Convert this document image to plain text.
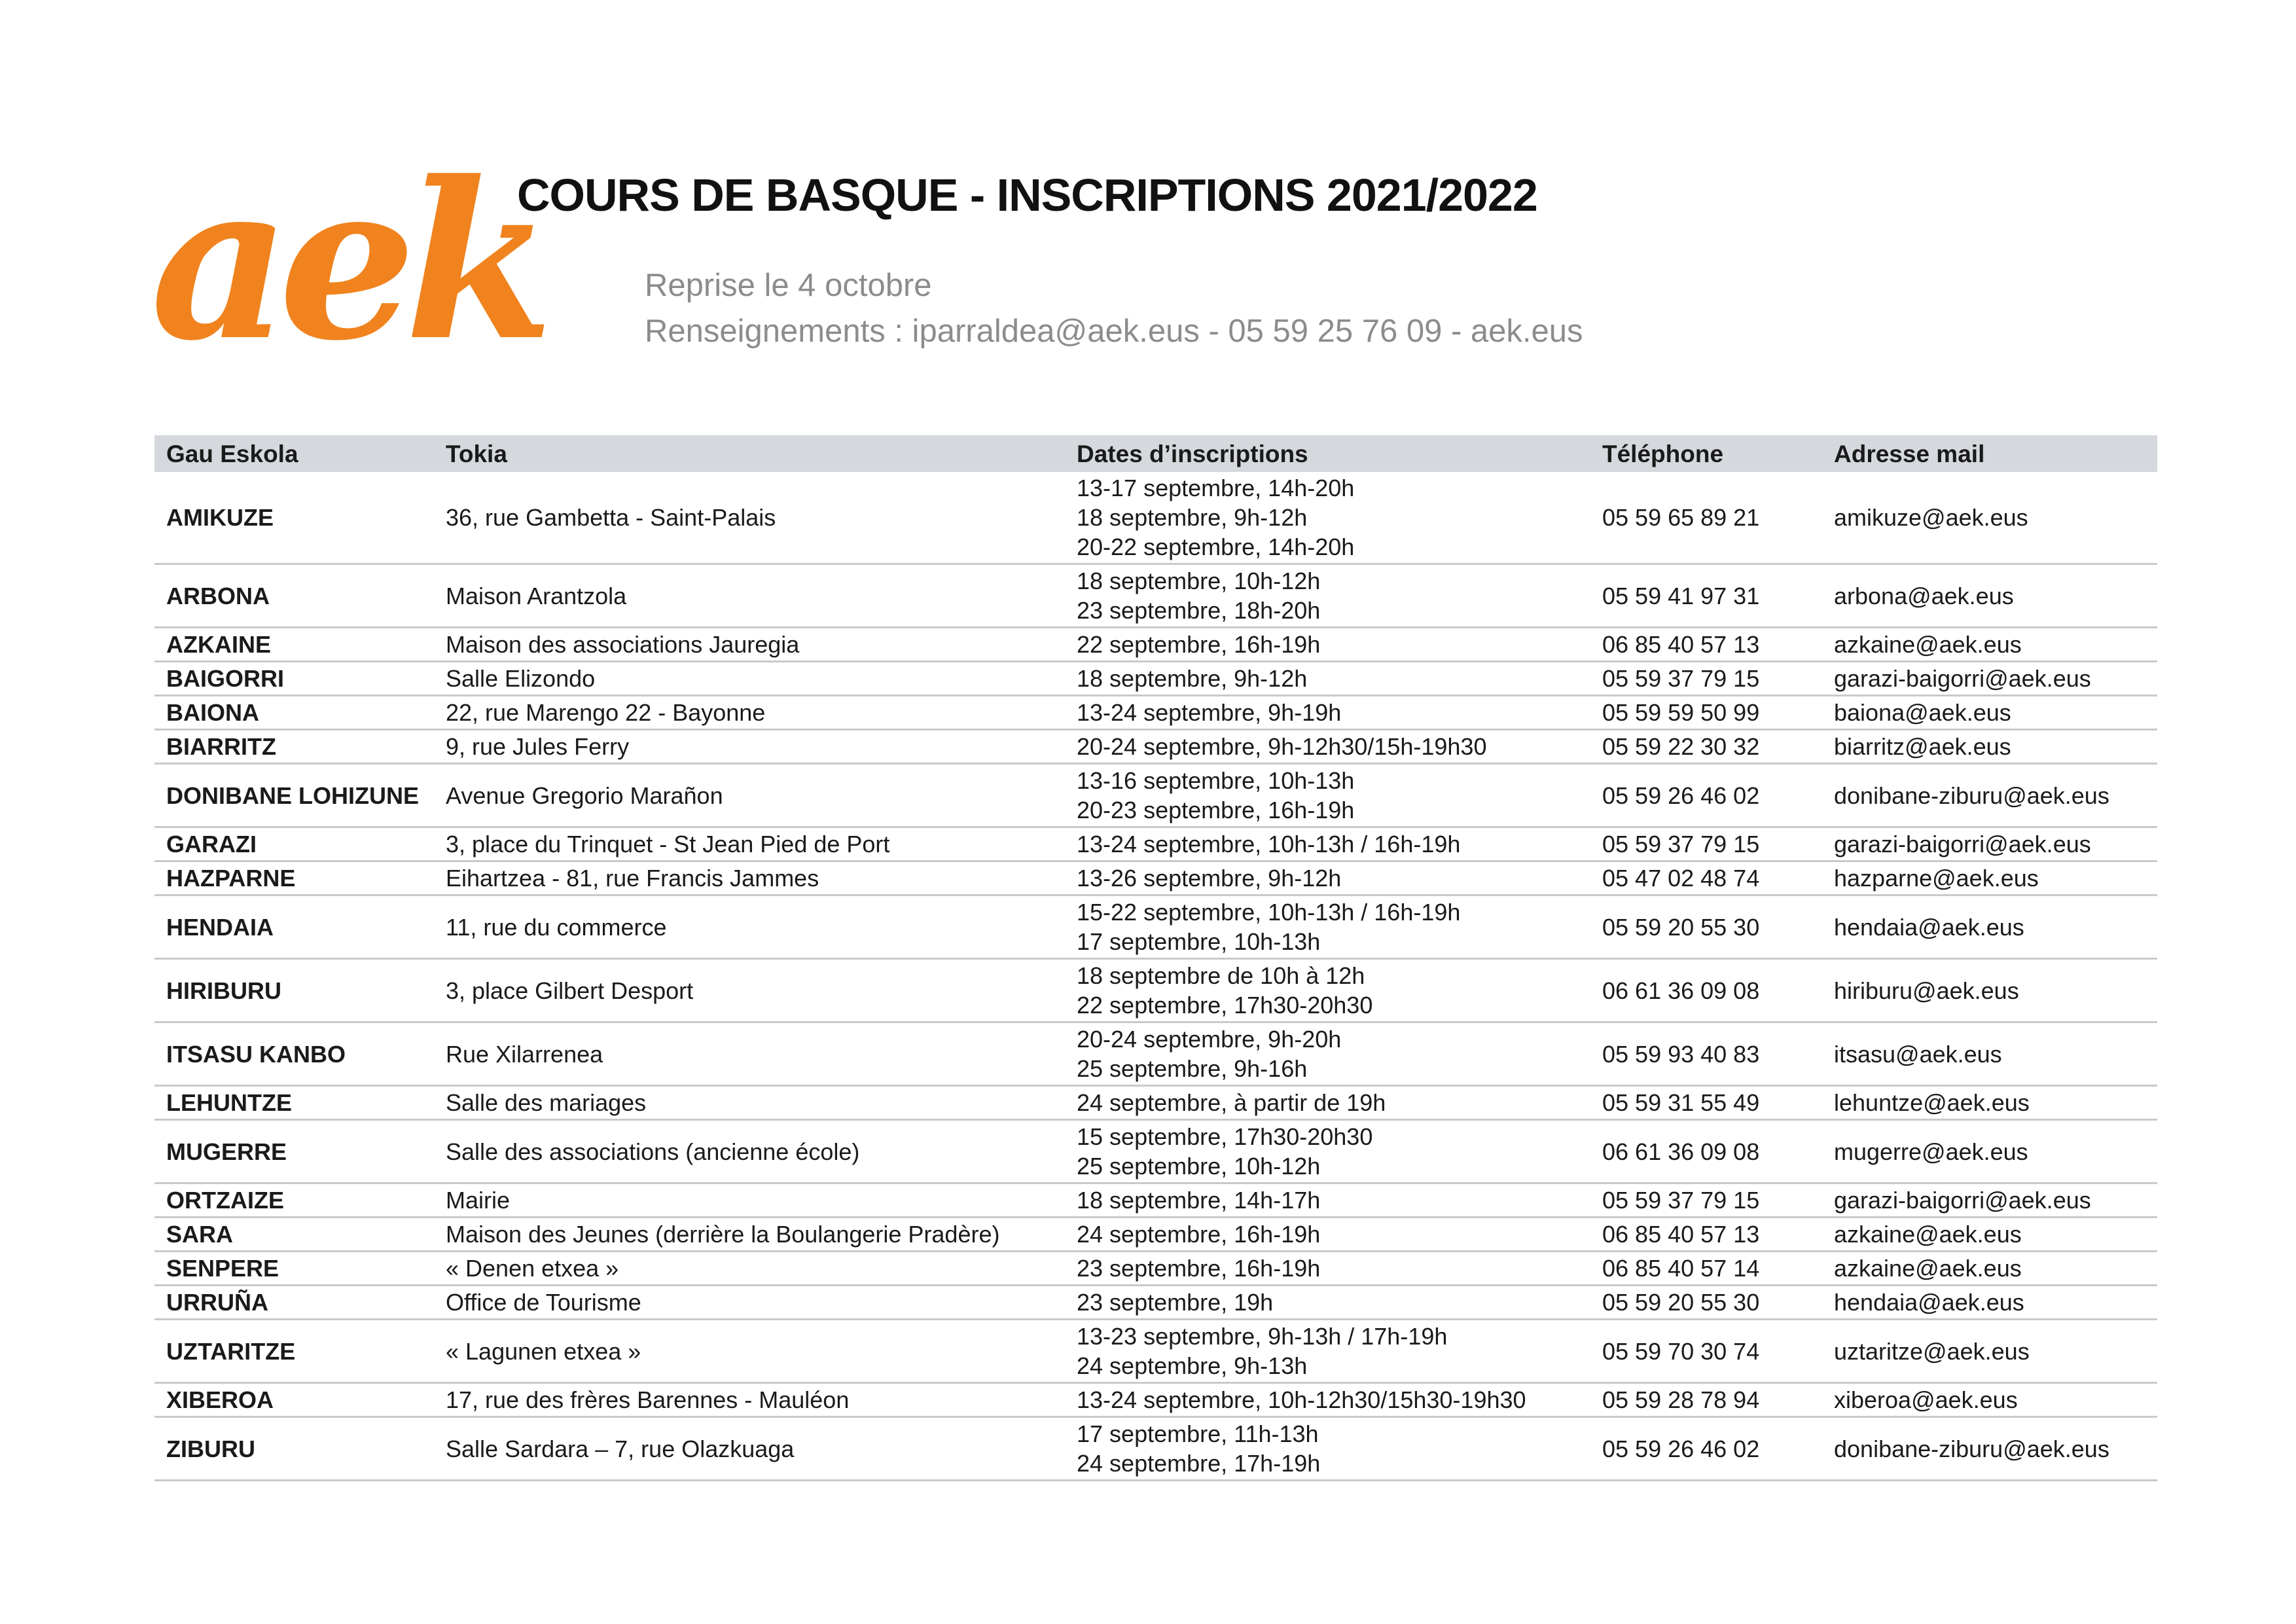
aek
COURS DE BASQUE - INSCRIPTIONS 2021/2022
Reprise le 4 octobre
Renseignements : iparraldea@aek.eus - 05 59 25 76 09 - aek.eus
Gau Eskola	Tokia	Dates d’inscriptions	Téléphone	Adresse mail
AMIKUZE	36, rue Gambetta - Saint-Palais	13-17 septembre, 14h-20h
18 septembre, 9h-12h
20-22 septembre, 14h-20h	05 59 65 89 21	amikuze@aek.eus
ARBONA	Maison Arantzola	18 septembre, 10h-12h
23 septembre, 18h-20h	05 59 41 97 31	arbona@aek.eus
AZKAINE	Maison des associations Jauregia	22 septembre, 16h-19h	06 85 40 57 13	azkaine@aek.eus
BAIGORRI	Salle Elizondo	18 septembre, 9h-12h	05 59 37 79 15	garazi-baigorri@aek.eus
BAIONA	22, rue Marengo 22 - Bayonne	13-24 septembre, 9h-19h	05 59 59 50 99	baiona@aek.eus
BIARRITZ	9, rue Jules Ferry	20-24 septembre, 9h-12h30/15h-19h30	05 59 22 30 32	biarritz@aek.eus
DONIBANE LOHIZUNE	Avenue Gregorio Marañon	13-16 septembre, 10h-13h
20-23 septembre, 16h-19h	05 59 26 46 02	donibane-ziburu@aek.eus
GARAZI	3, place du Trinquet - St Jean Pied de Port	13-24 septembre, 10h-13h / 16h-19h	05 59 37 79 15	garazi-baigorri@aek.eus
HAZPARNE	Eihartzea - 81, rue Francis Jammes	13-26 septembre, 9h-12h	05 47 02 48 74	hazparne@aek.eus
HENDAIA	11, rue du commerce	15-22 septembre, 10h-13h / 16h-19h
17 septembre, 10h-13h	05 59 20 55 30	hendaia@aek.eus
HIRIBURU	3, place Gilbert Desport	18 septembre de 10h à 12h
22 septembre, 17h30-20h30	06 61 36 09 08	hiriburu@aek.eus
ITSASU KANBO	Rue Xilarrenea	20-24 septembre, 9h-20h
25 septembre, 9h-16h	05 59 93 40 83	itsasu@aek.eus
LEHUNTZE	Salle des mariages	24 septembre, à partir de 19h	05 59 31 55 49	lehuntze@aek.eus
MUGERRE	Salle des associations (ancienne école)	15 septembre, 17h30-20h30
25 septembre, 10h-12h	06 61 36 09 08	mugerre@aek.eus
ORTZAIZE	Mairie	18 septembre, 14h-17h	05 59 37 79 15	garazi-baigorri@aek.eus
SARA	Maison des Jeunes (derrière la Boulangerie Pradère)	24 septembre, 16h-19h	06 85 40 57 13	azkaine@aek.eus
SENPERE	« Denen etxea »	23 septembre, 16h-19h	06 85 40 57 14	azkaine@aek.eus
URRUÑA	Office de Tourisme	23 septembre, 19h	05 59 20 55 30	hendaia@aek.eus
UZTARITZE	« Lagunen etxea »	13-23 septembre, 9h-13h / 17h-19h
24 septembre, 9h-13h	05 59 70 30 74	uztaritze@aek.eus
XIBEROA	17, rue des frères Barennes - Mauléon	13-24 septembre, 10h-12h30/15h30-19h30	05 59 28 78 94	xiberoa@aek.eus
ZIBURU	Salle Sardara – 7, rue Olazkuaga	17 septembre, 11h-13h
24 septembre, 17h-19h	05 59 26 46 02	donibane-ziburu@aek.eus
